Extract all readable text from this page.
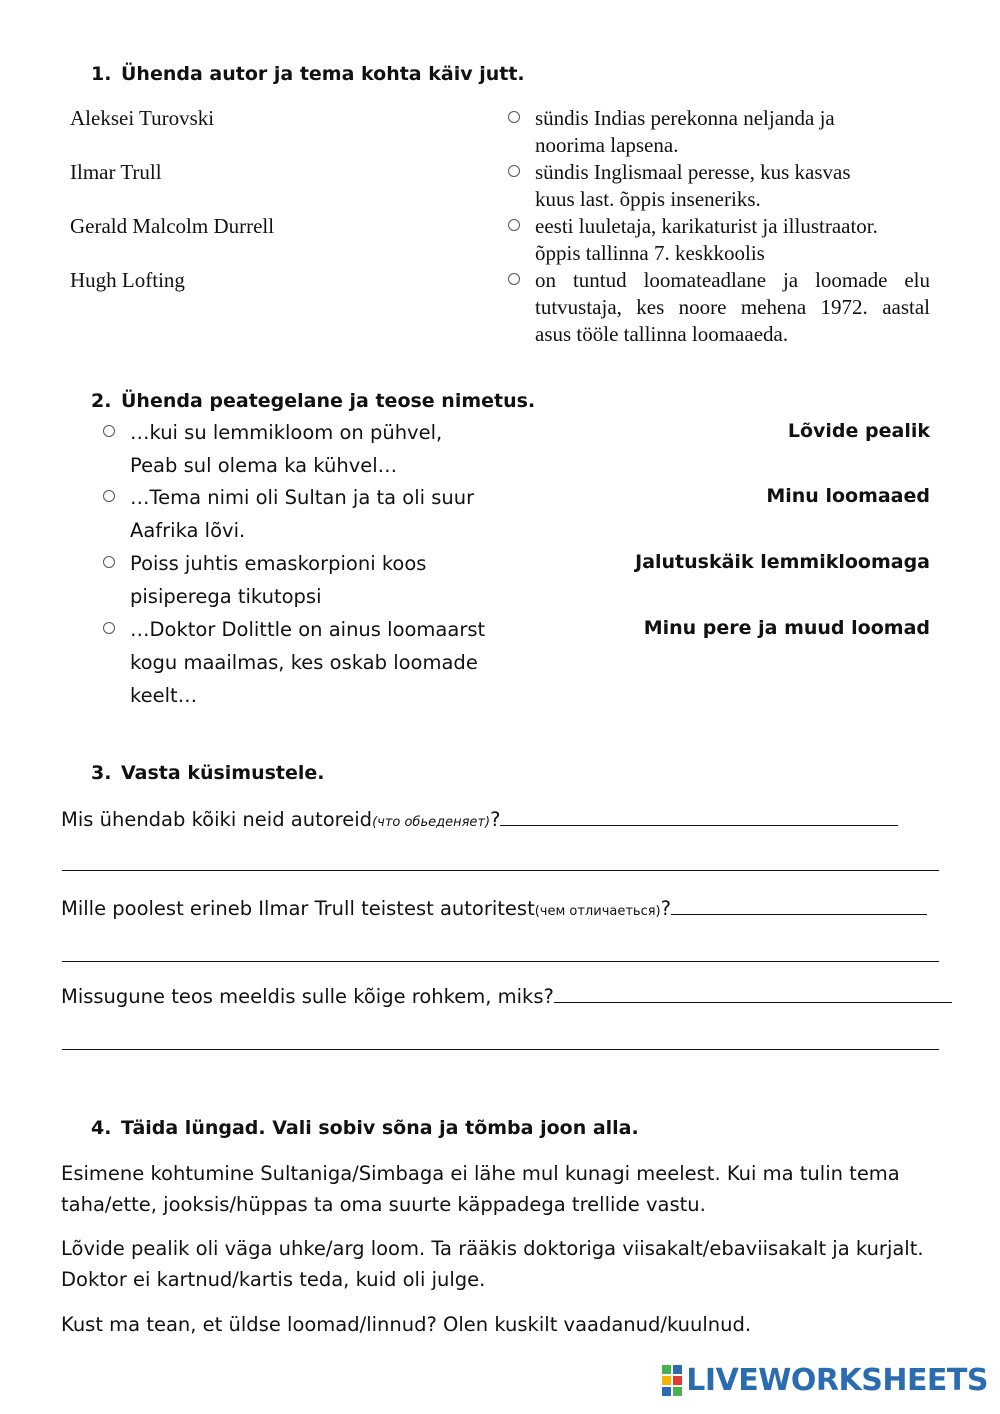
1. Ühenda autor ja tema kohta käiv jutt.
Aleksei Turovski
Ilmar Trull
Gerald Malcolm Durrell
Hugh Lofting
sündis Indias perekonna neljanda ja
noorima lapsena.
sündis Inglismaal peresse, kus kasvas
kuus last. õppis inseneriks.
eesti luuletaja, karikaturist ja illustraator.
õppis tallinna 7. keskkoolis
on tuntud loomateadlane ja loomade elu
tutvustaja, kes noore mehena 1972. aastal
asus tööle tallinna loomaaeda.
2. Ühenda peategelane ja teose nimetus.
…kui su lemmikloom on pühvel,
Peab sul olema ka kühvel…
…Tema nimi oli Sultan ja ta oli suur
Aafrika lõvi.
Poiss juhtis emaskorpioni koos
pisiperega tikutopsi
…Doktor Dolittle on ainus loomaarst
kogu maailmas, kes oskab loomade
keelt…
Lõvide pealik
Minu loomaaed
Jalutuskäik lemmikloomaga
Minu pere ja muud loomad
3. Vasta küsimustele.
Mis ühendab kõiki neid autoreid(что обьеденяет)?
Mille poolest erineb Ilmar Trull teistest autoritest(чем отличаеться)?
Missugune teos meeldis sulle kõige rohkem, miks?
4. Täida lüngad. Vali sobiv sõna ja tõmba joon alla.
Esimene kohtumine Sultaniga/Simbaga ei lähe mul kunagi meelest. Kui ma tulin tema
taha/ette, jooksis/hüppas ta oma suurte käppadega trellide vastu.
Lõvide pealik oli väga uhke/arg loom. Ta rääkis doktoriga viisakalt/ebaviisakalt ja kurjalt.
Doktor ei kartnud/kartis teda, kuid oli julge.
Kust ma tean, et üldse loomad/linnud? Olen kuskilt vaadanud/kuulnud.
LIVEWORKSHEETS
